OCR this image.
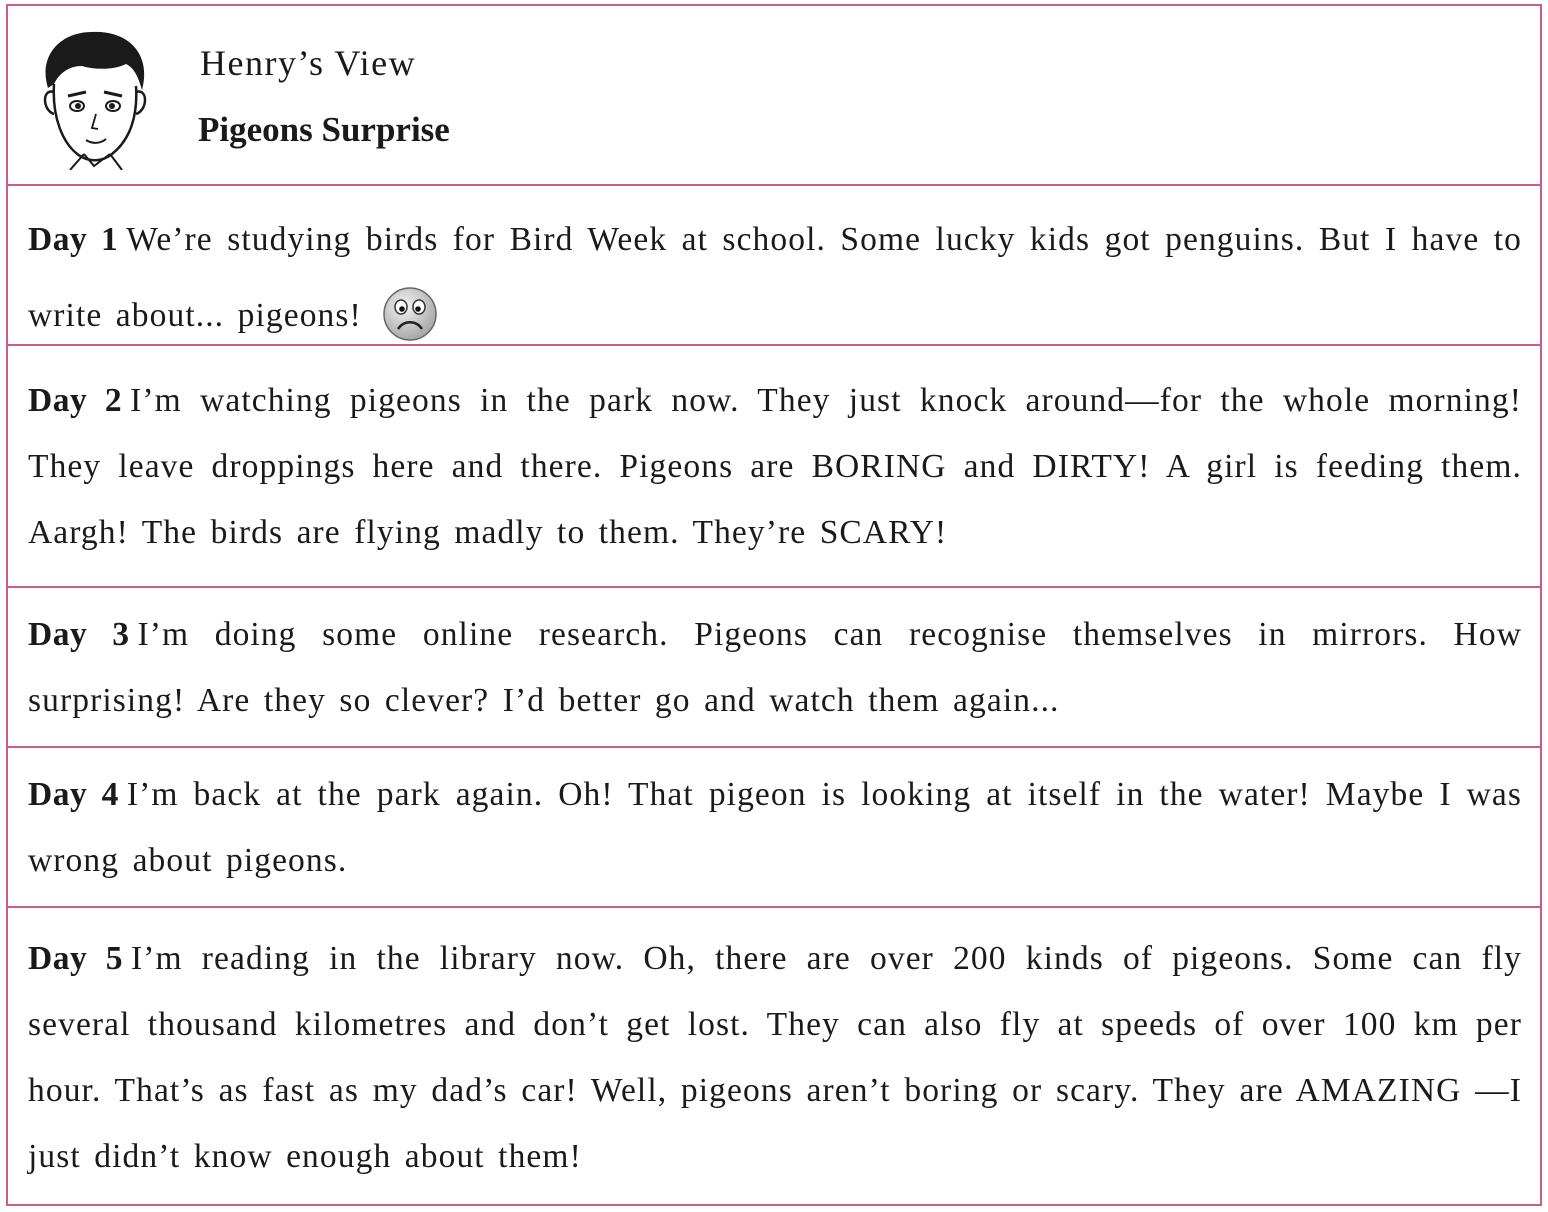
Henry’s View
Pigeons Surprise
Day 1 We’re studying birds for Bird Week at school. Some lucky kids got penguins. But I have to write about... pigeons!
Day 2 I’m watching pigeons in the park now. They just knock around—for the whole morning! They leave droppings here and there. Pigeons are BORING and DIRTY! A girl is feeding them. Aargh! The birds are flying madly to them. They’re SCARY!
Day 3 I’m doing some online research. Pigeons can recognise themselves in mirrors. How surprising! Are they so clever? I’d better go and watch them again...
Day 4 I’m back at the park again. Oh! That pigeon is looking at itself in the water! Maybe I was wrong about pigeons.
Day 5 I’m reading in the library now. Oh, there are over 200 kinds of pigeons. Some can fly several thousand kilometres and don’t get lost. They can also fly at speeds of over 100 km per hour. That’s as fast as my dad’s car! Well, pigeons aren’t boring or scary. They are AMAZING —I just didn’t know enough about them!
